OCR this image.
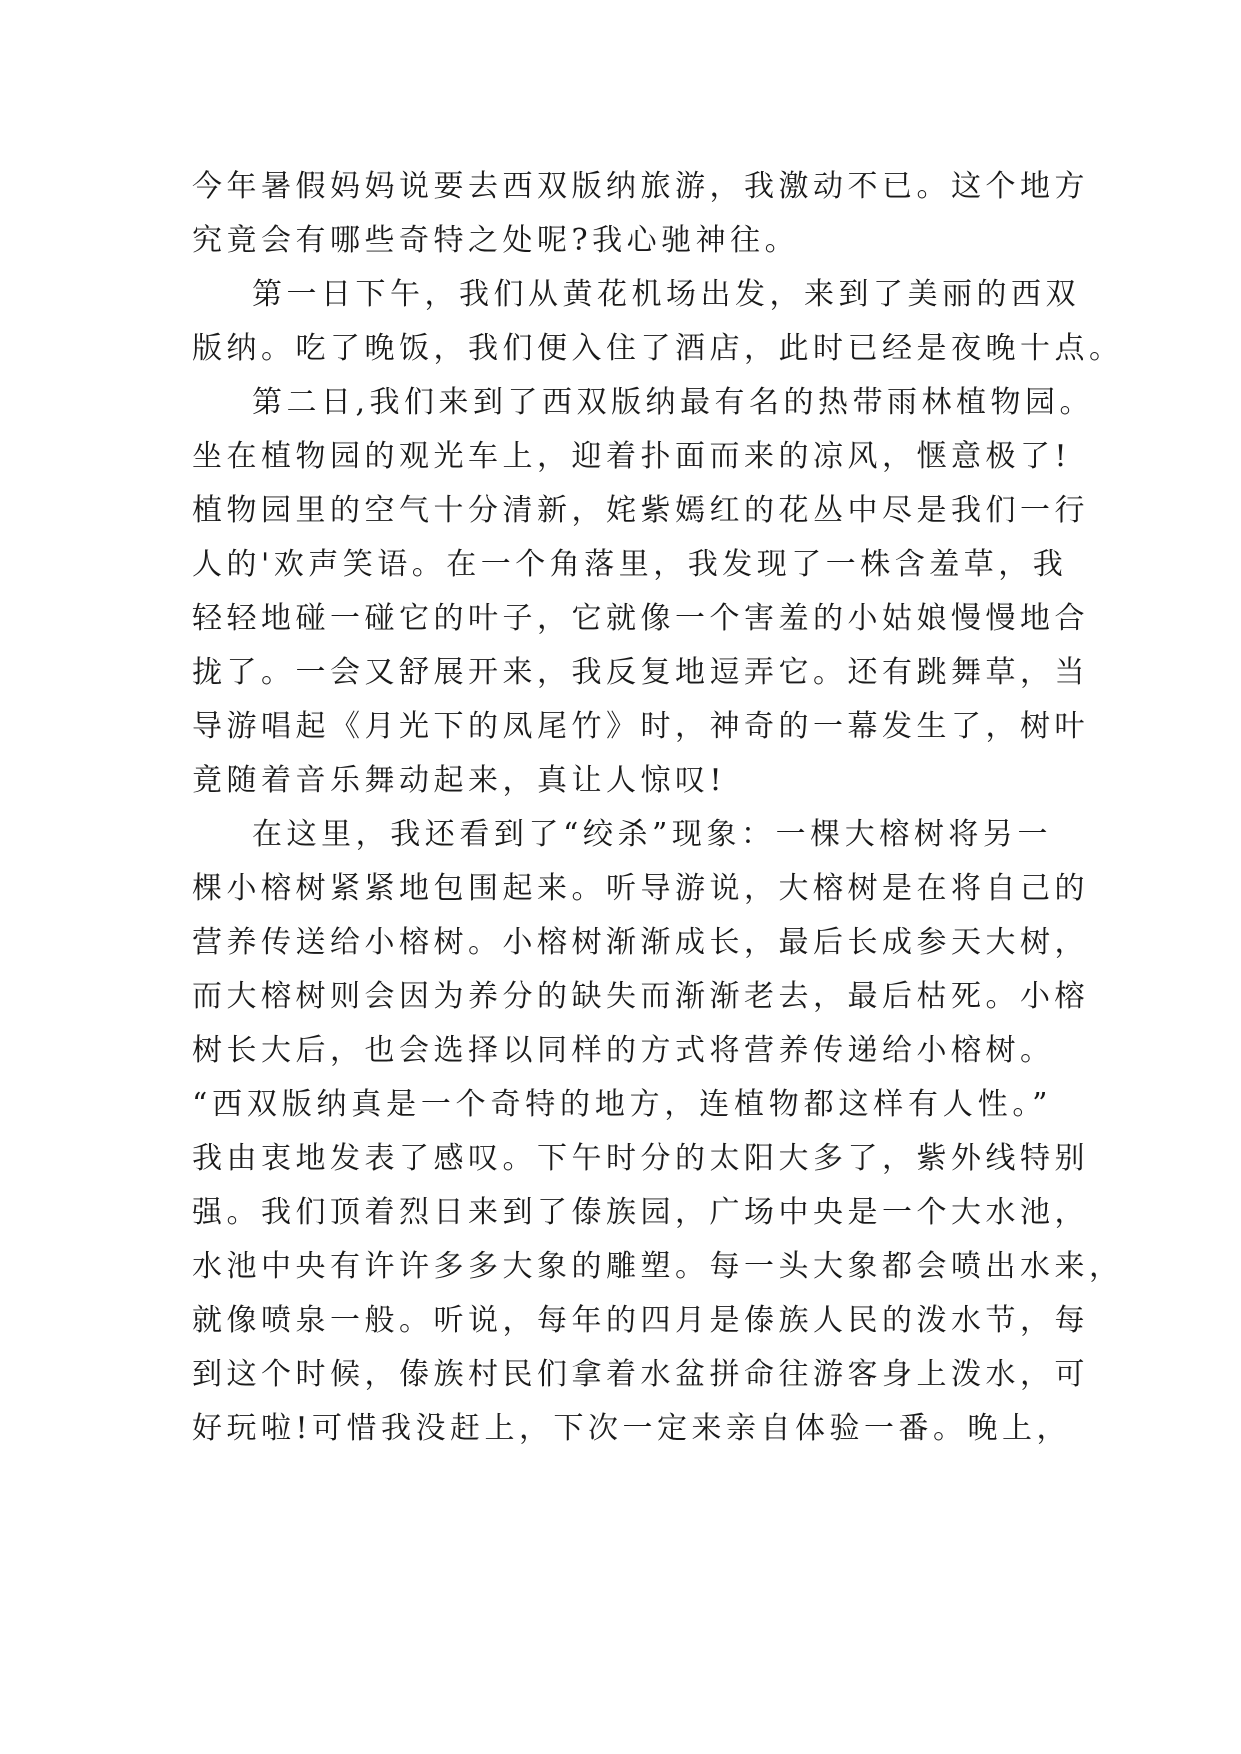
今年暑假妈妈说要去西双版纳旅游，我激动不已。这个地方
究竟会有哪些奇特之处呢?我心驰神往。
第一日下午，我们从黄花机场出发，来到了美丽的西双
版纳。吃了晚饭，我们便入住了酒店，此时已经是夜晚十点。
第二日,我们来到了西双版纳最有名的热带雨林植物园。
坐在植物园的观光车上，迎着扑面而来的凉风，惬意极了!
植物园里的空气十分清新，姹紫嫣红的花丛中尽是我们一行
人的'欢声笑语。在一个角落里，我发现了一株含羞草，我
轻轻地碰一碰它的叶子，它就像一个害羞的小姑娘慢慢地合
拢了。一会又舒展开来，我反复地逗弄它。还有跳舞草，当
导游唱起《月光下的凤尾竹》时，神奇的一幕发生了，树叶
竟随着音乐舞动起来，真让人惊叹!
在这里，我还看到了“绞杀”现象：一棵大榕树将另一
棵小榕树紧紧地包围起来。听导游说，大榕树是在将自己的
营养传送给小榕树。小榕树渐渐成长，最后长成参天大树，
而大榕树则会因为养分的缺失而渐渐老去，最后枯死。小榕
树长大后，也会选择以同样的方式将营养传递给小榕树。
“西双版纳真是一个奇特的地方，连植物都这样有人性。”
我由衷地发表了感叹。下午时分的太阳大多了，紫外线特别
强。我们顶着烈日来到了傣族园，广场中央是一个大水池，
水池中央有许许多多大象的雕塑。每一头大象都会喷出水来，
就像喷泉一般。听说，每年的四月是傣族人民的泼水节，每
到这个时候，傣族村民们拿着水盆拼命往游客身上泼水，可
好玩啦!可惜我没赶上，下次一定来亲自体验一番。晚上，
